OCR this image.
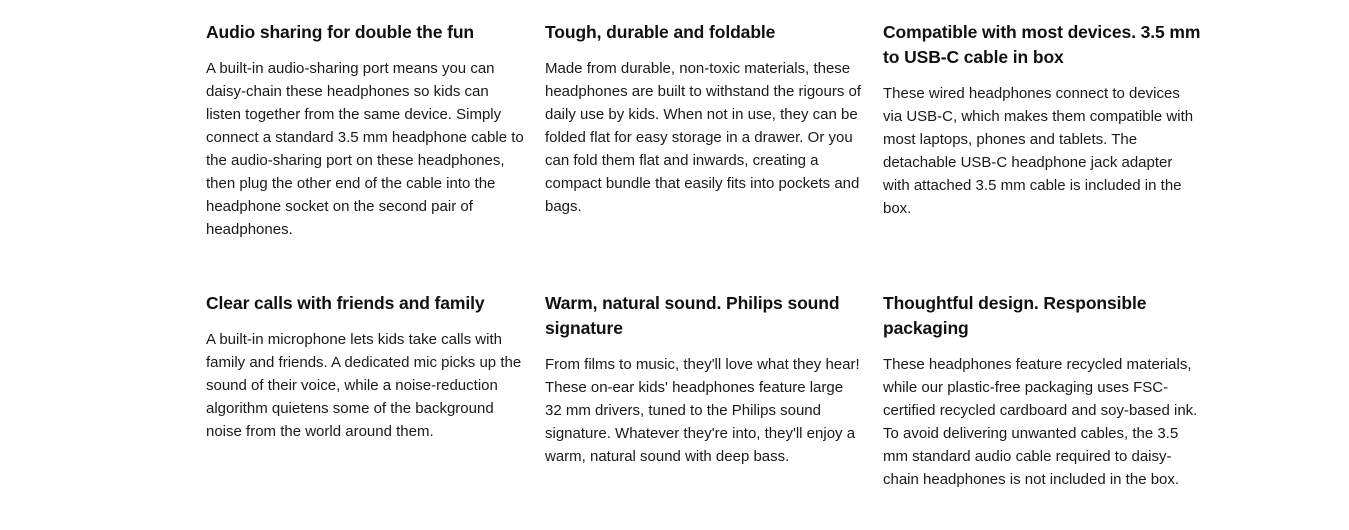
Audio sharing for double the fun

A built-in audio-sharing port means you can daisy-chain these headphones so kids can listen together from the same device. Simply connect a standard 3.5 mm headphone cable to the audio-sharing port on these headphones, then plug the other end of the cable into the headphone socket on the second pair of headphones.

Tough, durable and foldable

Made from durable, non-toxic materials, these headphones are built to withstand the rigours of daily use by kids. When not in use, they can be folded flat for easy storage in a drawer. Or you can fold them flat and inwards, creating a compact bundle that easily fits into pockets and bags.

Compatible with most devices. 3.5 mm to USB-C cable in box

These wired headphones connect to devices via USB-C, which makes them compatible with most laptops, phones and tablets. The detachable USB-C headphone jack adapter with attached 3.5 mm cable is included in the box.

Clear calls with friends and family

A built-in microphone lets kids take calls with family and friends. A dedicated mic picks up the sound of their voice, while a noise-reduction algorithm quietens some of the background noise from the world around them.

Warm, natural sound. Philips sound signature

From films to music, they'll love what they hear! These on-ear kids' headphones feature large 32 mm drivers, tuned to the Philips sound signature. Whatever they're into, they'll enjoy a warm, natural sound with deep bass.

Thoughtful design. Responsible packaging

These headphones feature recycled materials, while our plastic-free packaging uses FSC-certified recycled cardboard and soy-based ink. To avoid delivering unwanted cables, the 3.5 mm standard audio cable required to daisy-chain headphones is not included in the box.
